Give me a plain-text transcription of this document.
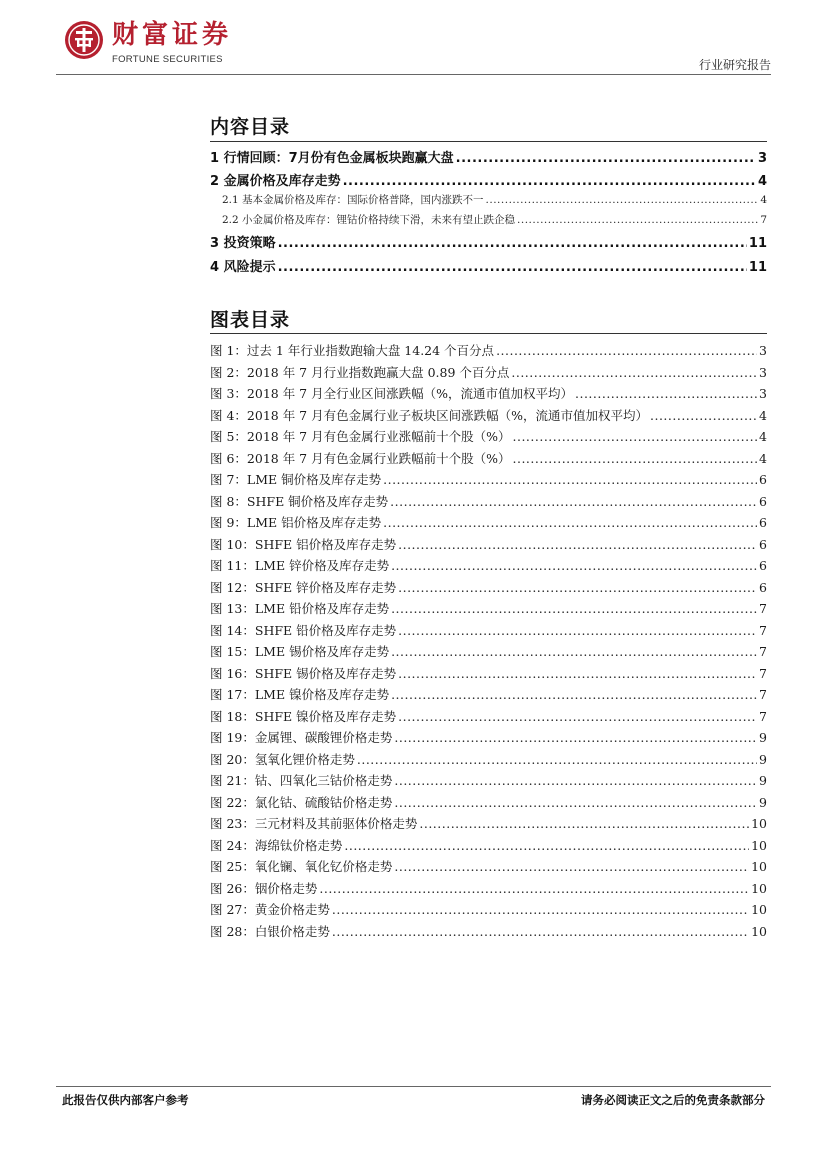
财富证券
FORTUNE SECURITIES	行业研究报告
内容目录
1 行情回顾：7月份有色金属板块跑赢大盘 .....	3
2 金属价格及库存走势 .....	4
2.1 基本金属价格及库存：国际价格普降，国内涨跌不一 .....	4
2.2 小金属价格及库存：锂钴价格持续下滑，未来有望止跌企稳 .....	7
3 投资策略 .....	11
4 风险提示 .....	11
图表目录
图 1：过去 1 年行业指数跑输大盘 14.24 个百分点 .....	3
图 2：2018 年 7 月行业指数跑赢大盘 0.89 个百分点 .....	3
图 3：2018 年 7 月全行业区间涨跌幅（%，流通市值加权平均） .....	3
图 4：2018 年 7 月有色金属行业子板块区间涨跌幅（%，流通市值加权平均） .....	4
图 5：2018 年 7 月有色金属行业涨幅前十个股（%） .....	4
图 6：2018 年 7 月有色金属行业跌幅前十个股（%） .....	4
图 7：LME 铜价格及库存走势 .....	6
图 8：SHFE 铜价格及库存走势 .....	6
图 9：LME 铝价格及库存走势 .....	6
图 10：SHFE 铝价格及库存走势 .....	6
图 11：LME 锌价格及库存走势 .....	6
图 12：SHFE 锌价格及库存走势 .....	6
图 13：LME 铅价格及库存走势 .....	7
图 14：SHFE 铅价格及库存走势 .....	7
图 15：LME 锡价格及库存走势 .....	7
图 16：SHFE 锡价格及库存走势 .....	7
图 17：LME 镍价格及库存走势 .....	7
图 18：SHFE 镍价格及库存走势 .....	7
图 19：金属锂、碳酸锂价格走势 .....	9
图 20：氢氧化锂价格走势 .....	9
图 21：钴、四氧化三钴价格走势 .....	9
图 22：氯化钴、硫酸钴价格走势 .....	9
图 23：三元材料及其前驱体价格走势 .....	10
图 24：海绵钛价格走势 .....	10
图 25：氧化镧、氧化钇价格走势 .....	10
图 26：铟价格走势 .....	10
图 27：黄金价格走势 .....	10
图 28：白银价格走势 .....	10
此报告仅供内部客户参考	请务必阅读正文之后的免责条款部分
